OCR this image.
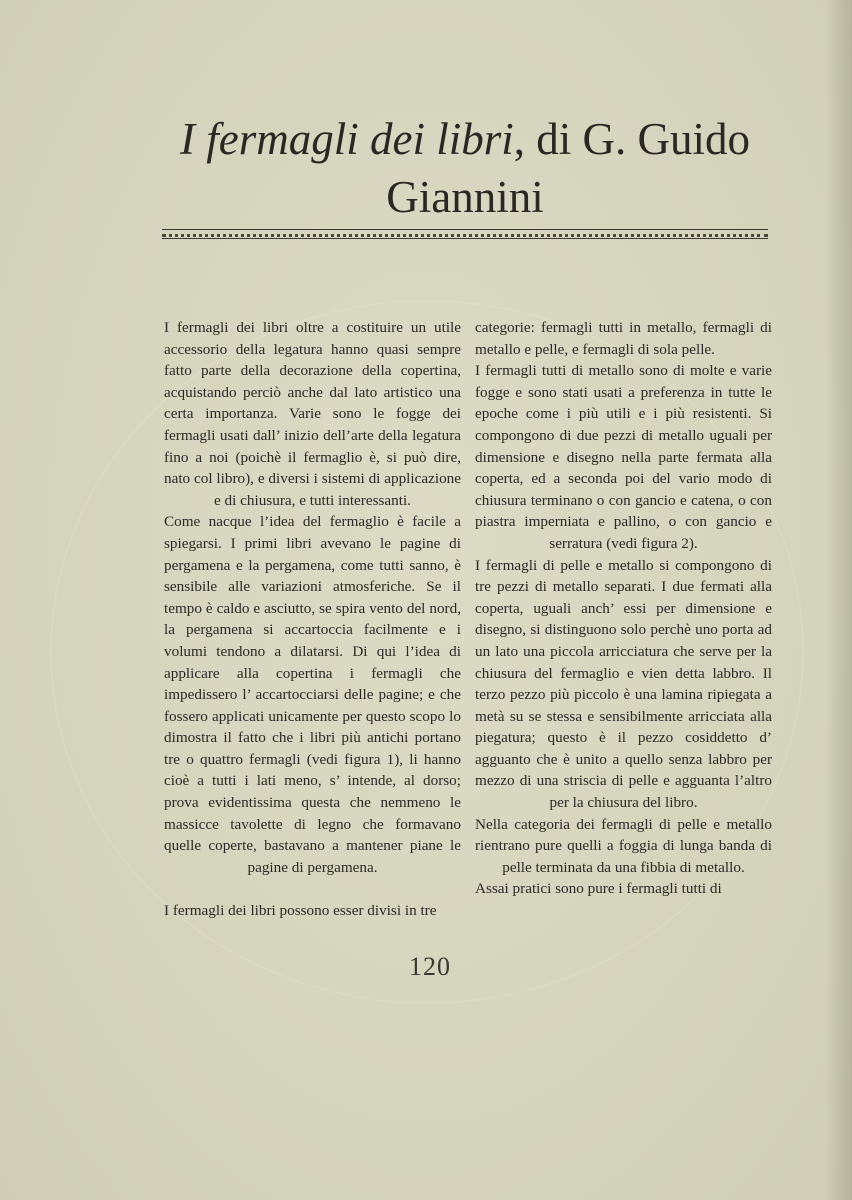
I fermagli dei libri, di G. Guido
Giannini

I fermagli dei libri oltre a costituire un utile accessorio della legatura hanno quasi sempre fatto parte della decorazione della copertina, acquistando perciò anche dal lato artistico una certa importanza. Varie sono le fogge dei fermagli usati dall’ inizio dell’arte della legatura fino a noi (poichè il fermaglio è, si può dire, nato col libro), e diversi i sistemi di applicazione e di chiusura, e tutti interessanti.

Come nacque l’idea del fermaglio è facile a spiegarsi. I primi libri avevano le pagine di pergamena e la pergamena, come tutti sanno, è sensibile alle variazioni atmosferiche. Se il tempo è caldo e asciutto, se spira vento del nord, la pergamena si accartoccia facilmente e i volumi tendono a dilatarsi. Di qui l’idea di applicare alla copertina i fermagli che impedissero l’ accartocciarsi delle pagine; e che fossero applicati unicamente per questo scopo lo dimostra il fatto che i libri più antichi portano tre o quattro fermagli (vedi figura 1), li hanno cioè a tutti i lati meno, s’ intende, al dorso; prova evidentissima questa che nemmeno le massicce tavolette di legno che formavano quelle coperte, bastavano a mantener piane le pagine di pergamena.

I fermagli dei libri possono esser divisi in tre

categorie: fermagli tutti in metallo, fermagli di metallo e pelle, e fermagli di sola pelle.

I fermagli tutti di metallo sono di molte e varie fogge e sono stati usati a preferenza in tutte le epoche come i più utili e i più resistenti. Si compongono di due pezzi di metallo uguali per dimensione e disegno nella parte fermata alla coperta, ed a seconda poi del vario modo di chiusura terminano o con gancio e catena, o con piastra imperniata e pallino, o con gancio e serratura (vedi figura 2).

I fermagli di pelle e metallo si compongono di tre pezzi di metallo separati. I due fermati alla coperta, uguali anch’ essi per dimensione e disegno, si distinguono solo perchè uno porta ad un lato una piccola arricciatura che serve per la chiusura del fermaglio e vien detta labbro. Il terzo pezzo più piccolo è una lamina ripiegata a metà su se stessa e sensibilmente arricciata alla piegatura; questo è il pezzo cosiddetto d’ agguanto che è unito a quello senza labbro per mezzo di una striscia di pelle e agguanta l’altro per la chiusura del libro.

Nella categoria dei fermagli di pelle e metallo rientrano pure quelli a foggia di lunga banda di pelle terminata da una fibbia di metallo.

Assai pratici sono pure i fermagli tutti di

120
